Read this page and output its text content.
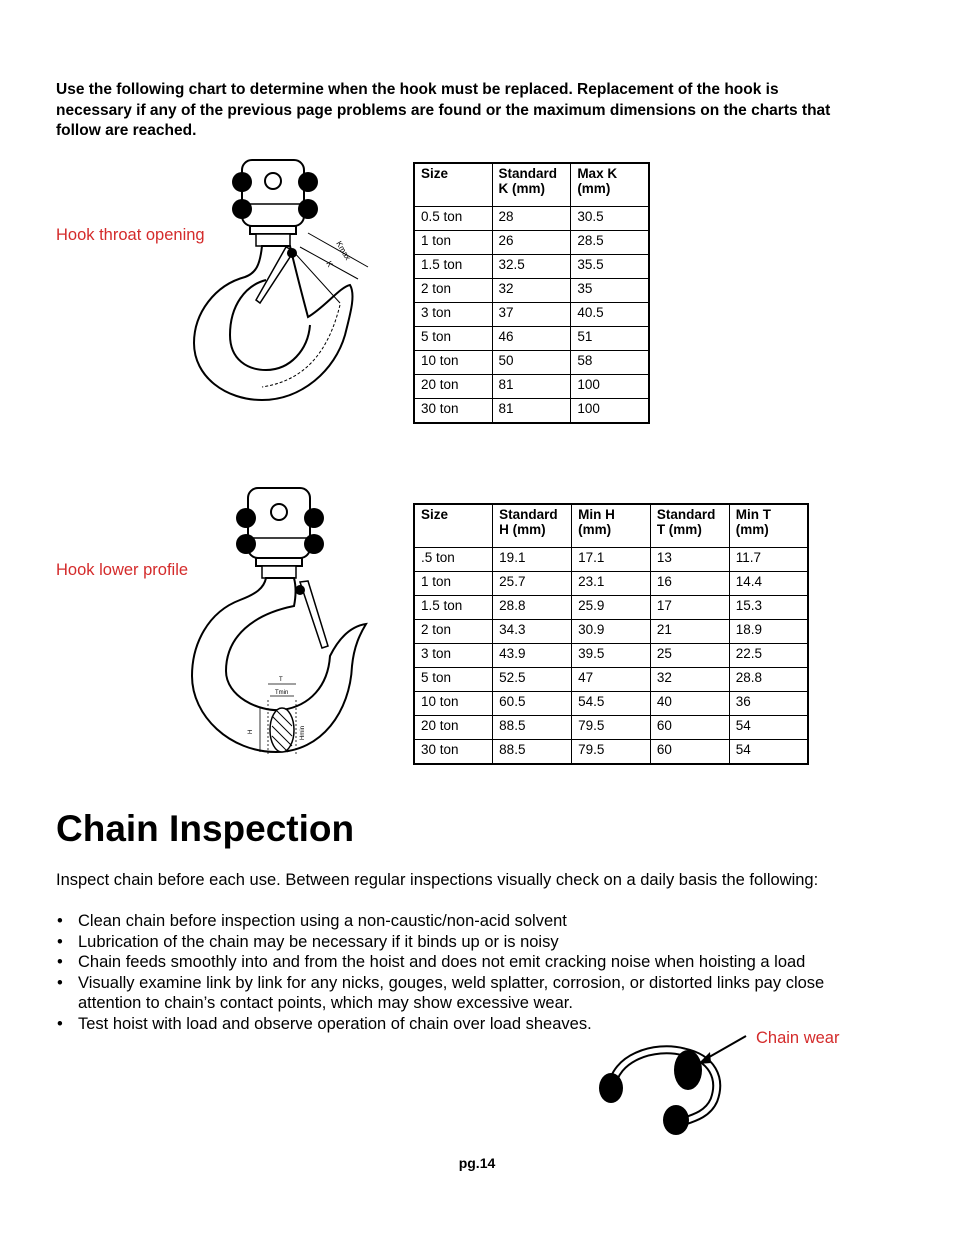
Use the following chart to determine when the hook must be replaced. Replacement of the hook is necessary if any of the previous page problems are found or the maximum dimensions on the charts that follow are reached.
Hook throat opening
Kmax
K
Size	Standard K (mm)	Max K (mm)
0.5 ton	28	30.5
1 ton	26	28.5
1.5 ton	32.5	35.5
2 ton	32	35
3 ton	37	40.5
5 ton	46	51
10 ton	50	58
20 ton	81	100
30 ton	81	100
Hook lower profile
T
Tmin
H	Hmin
Size	Standard H (mm)	Min H (mm)	Standard T (mm)	Min T (mm)
.5 ton	19.1	17.1	13	11.7
1 ton	25.7	23.1	16	14.4
1.5 ton	28.8	25.9	17	15.3
2 ton	34.3	30.9	21	18.9
3 ton	43.9	39.5	25	22.5
5 ton	52.5	47	32	28.8
10 ton	60.5	54.5	40	36
20 ton	88.5	79.5	60	54
30 ton	88.5	79.5	60	54
Chain Inspection
Inspect chain before each use. Between regular inspections visually check on a daily basis the following:
• Clean chain before inspection using a non-caustic/non-acid solvent
• Lubrication of the chain may be necessary if it binds up or is noisy
• Chain feeds smoothly into and from the hoist and does not emit cracking noise when hoisting a load
• Visually examine link by link for any nicks, gouges, weld splatter, corrosion, or distorted links pay close attention to chain’s contact points, which may show excessive wear.
• Test hoist with load and observe operation of chain over load sheaves.
Chain wear
pg.14
